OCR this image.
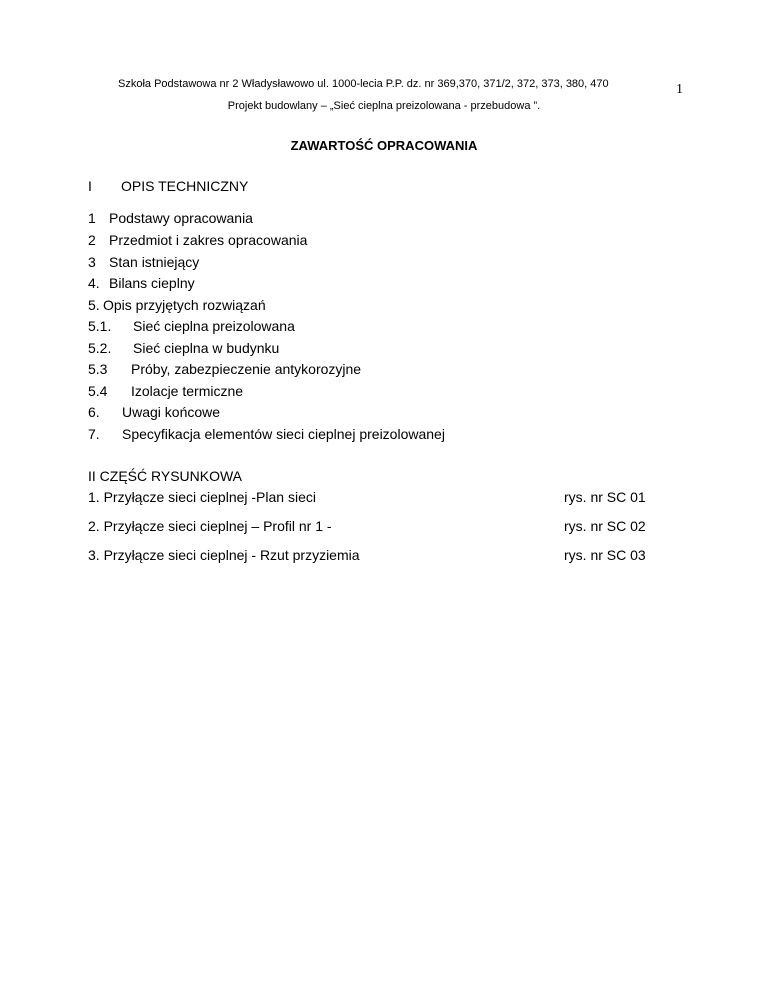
Szkoła Podstawowa nr 2 Władysławowo ul. 1000-lecia P.P. dz. nr 369,370, 371/2, 372, 373, 380, 470	1
Projekt budowlany – „Sieć cieplna preizolowana - przebudowa ”.
ZAWARTOŚĆ OPRACOWANIA
I OPIS TECHNICZNY
1 Podstawy opracowania
2 Przedmiot i zakres opracowania
3 Stan istniejący
4. Bilans cieplny
5. Opis przyjętych rozwiązań
5.1. Sieć cieplna preizolowana
5.2. Sieć cieplna w budynku
5.3 Próby, zabezpieczenie antykorozyjne
5.4 Izolacje termiczne
6. Uwagi końcowe
7. Specyfikacja elementów sieci cieplnej preizolowanej
II CZĘŚĆ RYSUNKOWA
1. Przyłącze sieci cieplnej -Plan sieci	rys. nr SC 01
2. Przyłącze sieci cieplnej – Profil nr 1 -	rys. nr SC 02
3. Przyłącze sieci cieplnej - Rzut przyziemia	rys. nr SC 03
